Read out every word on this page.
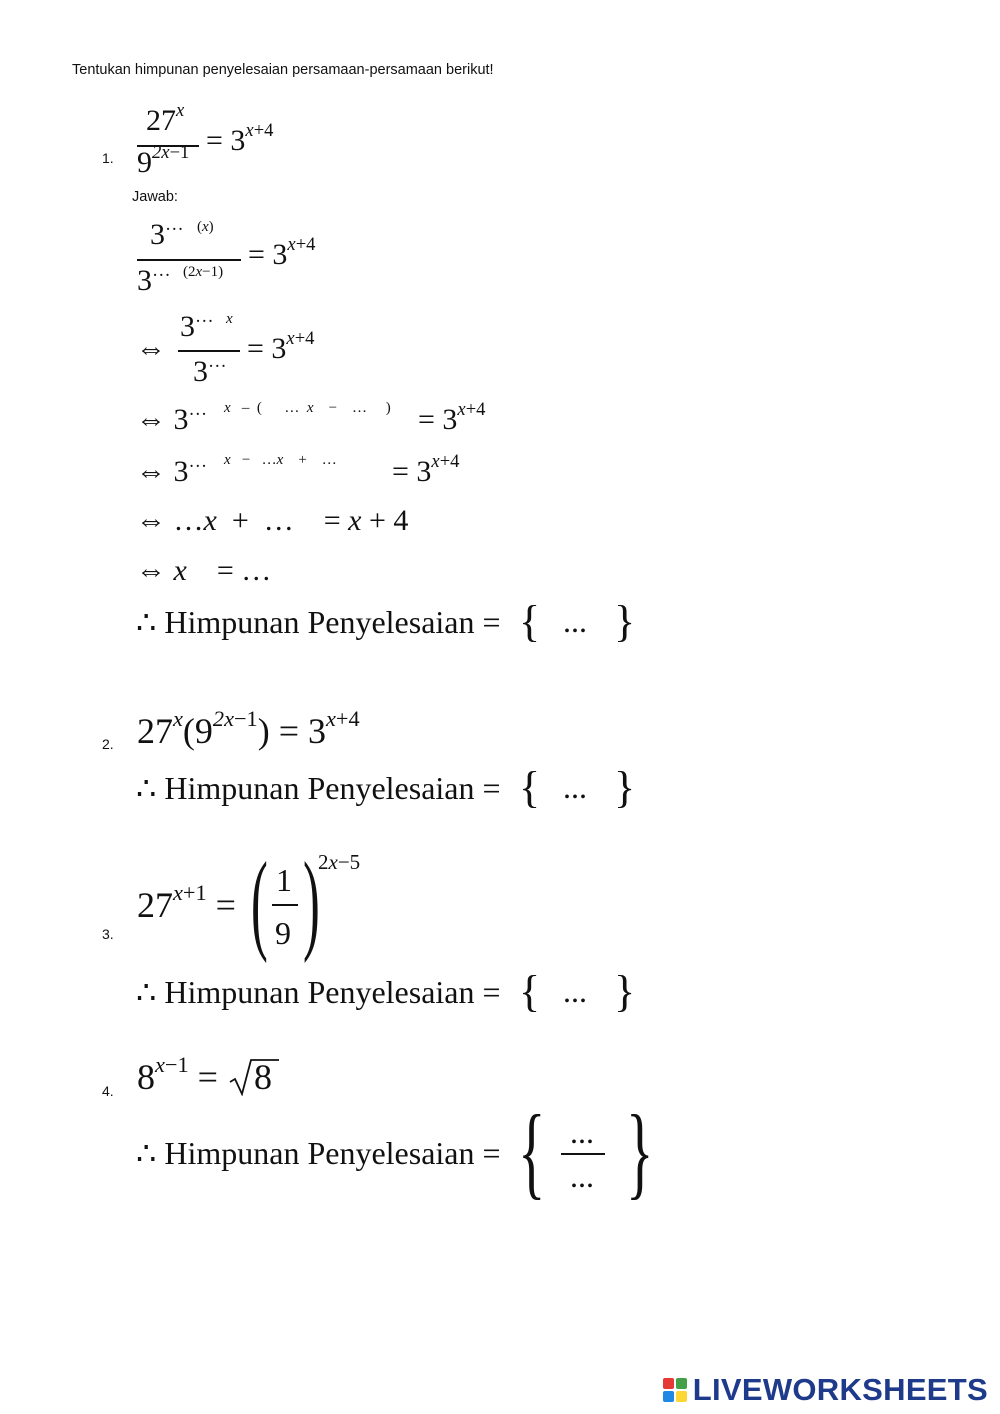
Tentukan himpunan penyelesaian persamaan-persamaan berikut!
1.
27$^x$
$9^{2x-1} = 3^{x+4}$
Jawab:
3… (x)
3… (2x−1)
= $3^{x+4}$
⇔
3… x
$3^\dots = 3^{x+4}$
⇔ 3… x   –  (      …  x    −    …     ) = $3^{x+4}$
⇔ 3… x   −   …x    +    … = $3^{x+4}$
⇔ …x  +  …    = x + 4
⇔ x    = …
∴ Himpunan Penyelesaian = { ... }
2. $27^x(9^{2x-1}) = 3^{x+4}$
∴ Himpunan Penyelesaian = { ... }
3.
$27^{x+1}$ = ( 1
9 )
2x−5
∴ Himpunan Penyelesaian = { ... }
4. $8^{x-1} = 8$
∴ Himpunan Penyelesaian = { ...
... }
LIVEWORKSHEETS
